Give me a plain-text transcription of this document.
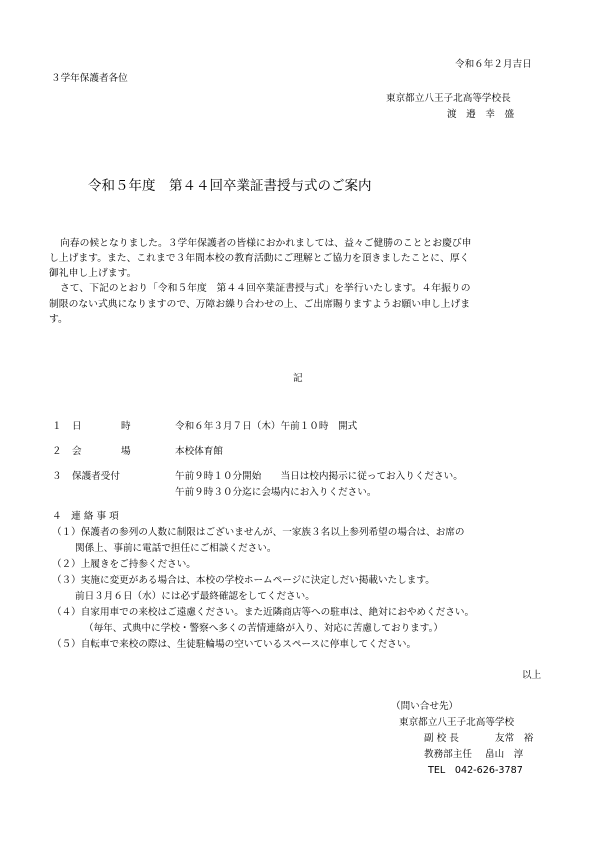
令和６年２月吉日
３学年保護者各位
東京都立八王子北高等学校長
渡　邉　幸　盛
令和５年度　第４４回卒業証書授与式のご案内
向春の候となりました。３学年保護者の皆様におかれましては、益々ご健勝のこととお慶び申
し上げます。また、これまで３年間本校の教育活動にご理解とご協力を頂きましたことに、厚く
御礼申し上げます。
さて、下記のとおり「令和５年度　第４４回卒業証書授与式」を挙行いたします。４年振りの
制限のない式典になりますので、万障お繰り合わせの上、ご出席賜りますようお願い申し上げま
す。
記
１ 日	時	令和６年３月７日（木）午前１０時　開式
２ 会	場	本校体育館
３ 保護者受付	午前９時１０分開始　　当日は校内掲示に従ってお入りください。
午前９時３０分迄に会場内にお入りください。
４　連 絡 事 項
（１）保護者の参列の人数に制限はございませんが、一家族３名以上参列希望の場合は、お席の
関係上、事前に電話で担任にご相談ください。
（２）上履きをご持参ください。
（３）実施に変更がある場合は、本校の学校ホームページに決定しだい掲載いたします。
前日３月６日（水）には必ず最終確認をしてください。
（４）自家用車での来校はご遠慮ください。また近隣商店等への駐車は、絶対におやめください。
（毎年、式典中に学校・警察へ多くの苦情連絡が入り、対応に苦慮しております。）
（５）自転車で来校の際は、生徒駐輪場の空いているスペースに停車してください。
以上
（問い合せ先）
東京都立八王子北高等学校
副 校 長	友常　裕
教務部主任 畠山　淳
TEL　042-626-3787
